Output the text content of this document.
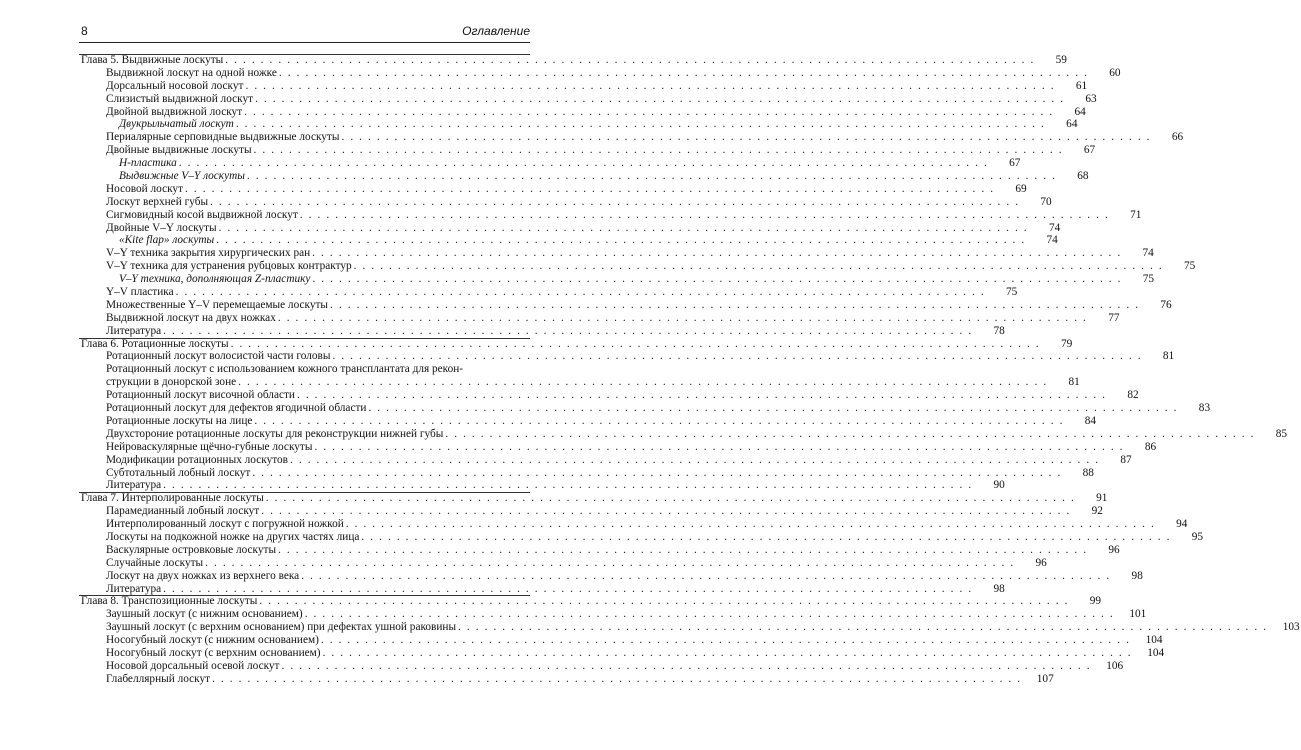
8	Оглавление
Глава 5. Выдвижные лоскуты . . . . . . . . . . . . . . . . . . . . . . . . . . . . . . . . . . . . . . . . . . . . . . . . . . . . . . . . . . . . . . . . . . . . . . . . . . . . . . . . . . . . . . . . . . . .	59
Выдвижной лоскут на одной ножке . . . . . . . . . . . . . . . . . . . . . . . . . . . . . . . . . . . . . . . . . . . . . . . . . . . . . . . . . . . . . . . . . . . . . . . . . . . . . . . . . . . . . . . . . . . .	60
Дорсальный носовой лоскут . . . . . . . . . . . . . . . . . . . . . . . . . . . . . . . . . . . . . . . . . . . . . . . . . . . . . . . . . . . . . . . . . . . . . . . . . . . . . . . . . . . . . . . . . . . .	61
Слизистый выдвижной лоскут . . . . . . . . . . . . . . . . . . . . . . . . . . . . . . . . . . . . . . . . . . . . . . . . . . . . . . . . . . . . . . . . . . . . . . . . . . . . . . . . . . . . . . . . . . . .	63
Двойной выдвижной лоскут . . . . . . . . . . . . . . . . . . . . . . . . . . . . . . . . . . . . . . . . . . . . . . . . . . . . . . . . . . . . . . . . . . . . . . . . . . . . . . . . . . . . . . . . . . . .	64
Двукрыльчатый лоскут . . . . . . . . . . . . . . . . . . . . . . . . . . . . . . . . . . . . . . . . . . . . . . . . . . . . . . . . . . . . . . . . . . . . . . . . . . . . . . . . . . . . . . . . . . . .	64
Периалярные серповидные выдвижные лоскуты . . . . . . . . . . . . . . . . . . . . . . . . . . . . . . . . . . . . . . . . . . . . . . . . . . . . . . . . . . . . . . . . . . . . . . . . . . . . . . . . . . . . . . . . . . . .	66
Двойные выдвижные лоскуты . . . . . . . . . . . . . . . . . . . . . . . . . . . . . . . . . . . . . . . . . . . . . . . . . . . . . . . . . . . . . . . . . . . . . . . . . . . . . . . . . . . . . . . . . . . .	67
H-пластика . . . . . . . . . . . . . . . . . . . . . . . . . . . . . . . . . . . . . . . . . . . . . . . . . . . . . . . . . . . . . . . . . . . . . . . . . . . . . . . . . . . . . . . . . . . .	67
Выдвижные V–Y лоскуты . . . . . . . . . . . . . . . . . . . . . . . . . . . . . . . . . . . . . . . . . . . . . . . . . . . . . . . . . . . . . . . . . . . . . . . . . . . . . . . . . . . . . . . . . . . .	68
Носовой лоскут . . . . . . . . . . . . . . . . . . . . . . . . . . . . . . . . . . . . . . . . . . . . . . . . . . . . . . . . . . . . . . . . . . . . . . . . . . . . . . . . . . . . . . . . . . . .	69
Лоскут верхней губы . . . . . . . . . . . . . . . . . . . . . . . . . . . . . . . . . . . . . . . . . . . . . . . . . . . . . . . . . . . . . . . . . . . . . . . . . . . . . . . . . . . . . . . . . . . .	70
Сигмовидный косой выдвижной лоскут . . . . . . . . . . . . . . . . . . . . . . . . . . . . . . . . . . . . . . . . . . . . . . . . . . . . . . . . . . . . . . . . . . . . . . . . . . . . . . . . . . . . . . . . . . . .	71
Двойные V–Y лоскуты . . . . . . . . . . . . . . . . . . . . . . . . . . . . . . . . . . . . . . . . . . . . . . . . . . . . . . . . . . . . . . . . . . . . . . . . . . . . . . . . . . . . . . . . . . . .	74
«Kite flap» лоскуты . . . . . . . . . . . . . . . . . . . . . . . . . . . . . . . . . . . . . . . . . . . . . . . . . . . . . . . . . . . . . . . . . . . . . . . . . . . . . . . . . . . . . . . . . . . .	74
V–Y техника закрытия хирургических ран . . . . . . . . . . . . . . . . . . . . . . . . . . . . . . . . . . . . . . . . . . . . . . . . . . . . . . . . . . . . . . . . . . . . . . . . . . . . . . . . . . . . . . . . . . . .	74
V–Y техника для устранения рубцовых контрактур . . . . . . . . . . . . . . . . . . . . . . . . . . . . . . . . . . . . . . . . . . . . . . . . . . . . . . . . . . . . . . . . . . . . . . . . . . . . . . . . . . . . . . . . . . . .	75
V–Y техника, дополняющая Z-пластику . . . . . . . . . . . . . . . . . . . . . . . . . . . . . . . . . . . . . . . . . . . . . . . . . . . . . . . . . . . . . . . . . . . . . . . . . . . . . . . . . . . . . . . . . . . .	75
Y–V пластика . . . . . . . . . . . . . . . . . . . . . . . . . . . . . . . . . . . . . . . . . . . . . . . . . . . . . . . . . . . . . . . . . . . . . . . . . . . . . . . . . . . . . . . . . . . .	75
Множественные Y–V перемещаемые лоскуты . . . . . . . . . . . . . . . . . . . . . . . . . . . . . . . . . . . . . . . . . . . . . . . . . . . . . . . . . . . . . . . . . . . . . . . . . . . . . . . . . . . . . . . . . . . .	76
Выдвижной лоскут на двух ножках . . . . . . . . . . . . . . . . . . . . . . . . . . . . . . . . . . . . . . . . . . . . . . . . . . . . . . . . . . . . . . . . . . . . . . . . . . . . . . . . . . . . . . . . . . . .	77
Литература . . . . . . . . . . . . . . . . . . . . . . . . . . . . . . . . . . . . . . . . . . . . . . . . . . . . . . . . . . . . . . . . . . . . . . . . . . . . . . . . . . . . . . . . . . . .	78
Глава 6. Ротационные лоскуты . . . . . . . . . . . . . . . . . . . . . . . . . . . . . . . . . . . . . . . . . . . . . . . . . . . . . . . . . . . . . . . . . . . . . . . . . . . . . . . . . . . . . . . . . . . .	79
Ротационный лоскут волосистой части головы . . . . . . . . . . . . . . . . . . . . . . . . . . . . . . . . . . . . . . . . . . . . . . . . . . . . . . . . . . . . . . . . . . . . . . . . . . . . . . . . . . . . . . . . . . . .	81
Ротационный лоскут с использованием кожного трансплантата для рекон-
струкции в донорской зоне . . . . . . . . . . . . . . . . . . . . . . . . . . . . . . . . . . . . . . . . . . . . . . . . . . . . . . . . . . . . . . . . . . . . . . . . . . . . . . . . . . . . . . . . . . . .	81
Ротационный лоскут височной области . . . . . . . . . . . . . . . . . . . . . . . . . . . . . . . . . . . . . . . . . . . . . . . . . . . . . . . . . . . . . . . . . . . . . . . . . . . . . . . . . . . . . . . . . . . .	82
Ротационный лоскут для дефектов ягодичной области . . . . . . . . . . . . . . . . . . . . . . . . . . . . . . . . . . . . . . . . . . . . . . . . . . . . . . . . . . . . . . . . . . . . . . . . . . . . . . . . . . . . . . . . . . . .	83
Ротационные лоскуты на лице . . . . . . . . . . . . . . . . . . . . . . . . . . . . . . . . . . . . . . . . . . . . . . . . . . . . . . . . . . . . . . . . . . . . . . . . . . . . . . . . . . . . . . . . . . . .	84
Двухстороние ротационные лоскуты для реконструкции нижней губы . . . . . . . . . . . . . . . . . . . . . . . . . . . . . . . . . . . . . . . . . . . . . . . . . . . . . . . . . . . . . . . . . . . . . . . . . . . . . . . . . . . . . . . . . . . .	85
Нейроваскулярные щёчно-губные лоскуты . . . . . . . . . . . . . . . . . . . . . . . . . . . . . . . . . . . . . . . . . . . . . . . . . . . . . . . . . . . . . . . . . . . . . . . . . . . . . . . . . . . . . . . . . . . .	86
Модификации ротационных лоскутов . . . . . . . . . . . . . . . . . . . . . . . . . . . . . . . . . . . . . . . . . . . . . . . . . . . . . . . . . . . . . . . . . . . . . . . . . . . . . . . . . . . . . . . . . . . .	87
Субтотальный лобный лоскут . . . . . . . . . . . . . . . . . . . . . . . . . . . . . . . . . . . . . . . . . . . . . . . . . . . . . . . . . . . . . . . . . . . . . . . . . . . . . . . . . . . . . . . . . . . .	88
Литература . . . . . . . . . . . . . . . . . . . . . . . . . . . . . . . . . . . . . . . . . . . . . . . . . . . . . . . . . . . . . . . . . . . . . . . . . . . . . . . . . . . . . . . . . . . .	90
Глава 7. Интерполированные лоскуты . . . . . . . . . . . . . . . . . . . . . . . . . . . . . . . . . . . . . . . . . . . . . . . . . . . . . . . . . . . . . . . . . . . . . . . . . . . . . . . . . . . . . . . . . . . .	91
Парамедианный лобный лоскут . . . . . . . . . . . . . . . . . . . . . . . . . . . . . . . . . . . . . . . . . . . . . . . . . . . . . . . . . . . . . . . . . . . . . . . . . . . . . . . . . . . . . . . . . . . .	92
Интерполированный лоскут с погружной ножкой . . . . . . . . . . . . . . . . . . . . . . . . . . . . . . . . . . . . . . . . . . . . . . . . . . . . . . . . . . . . . . . . . . . . . . . . . . . . . . . . . . . . . . . . . . . .	94
Лоскуты на подкожной ножке на других частях лица . . . . . . . . . . . . . . . . . . . . . . . . . . . . . . . . . . . . . . . . . . . . . . . . . . . . . . . . . . . . . . . . . . . . . . . . . . . . . . . . . . . . . . . . . . . .	95
Васкулярные островковые лоскуты . . . . . . . . . . . . . . . . . . . . . . . . . . . . . . . . . . . . . . . . . . . . . . . . . . . . . . . . . . . . . . . . . . . . . . . . . . . . . . . . . . . . . . . . . . . .	96
Случайные лоскуты . . . . . . . . . . . . . . . . . . . . . . . . . . . . . . . . . . . . . . . . . . . . . . . . . . . . . . . . . . . . . . . . . . . . . . . . . . . . . . . . . . . . . . . . . . . .	96
Лоскут на двух ножках из верхнего века . . . . . . . . . . . . . . . . . . . . . . . . . . . . . . . . . . . . . . . . . . . . . . . . . . . . . . . . . . . . . . . . . . . . . . . . . . . . . . . . . . . . . . . . . . . .	98
Литература . . . . . . . . . . . . . . . . . . . . . . . . . . . . . . . . . . . . . . . . . . . . . . . . . . . . . . . . . . . . . . . . . . . . . . . . . . . . . . . . . . . . . . . . . . . .	98
Глава 8. Транспозиционные лоскуты . . . . . . . . . . . . . . . . . . . . . . . . . . . . . . . . . . . . . . . . . . . . . . . . . . . . . . . . . . . . . . . . . . . . . . . . . . . . . . . . . . . . . . . . . . . .	99
Заушный лоскут (с нижним основанием) . . . . . . . . . . . . . . . . . . . . . . . . . . . . . . . . . . . . . . . . . . . . . . . . . . . . . . . . . . . . . . . . . . . . . . . . . . . . . . . . . . . . . . . . . . . .	101
Заушный лоскут (с верхним основанием) при дефектах ушной раковины . . . . . . . . . . . . . . . . . . . . . . . . . . . . . . . . . . . . . . . . . . . . . . . . . . . . . . . . . . . . . . . . . . . . . . . . . . . . . . . . . . . . . . . . . . . .	103
Носогубный лоскут (с нижним основанием) . . . . . . . . . . . . . . . . . . . . . . . . . . . . . . . . . . . . . . . . . . . . . . . . . . . . . . . . . . . . . . . . . . . . . . . . . . . . . . . . . . . . . . . . . . . .	104
Носогубный лоскут (с верхним основанием) . . . . . . . . . . . . . . . . . . . . . . . . . . . . . . . . . . . . . . . . . . . . . . . . . . . . . . . . . . . . . . . . . . . . . . . . . . . . . . . . . . . . . . . . . . . .	104
Носовой дорсальный осевой лоскут . . . . . . . . . . . . . . . . . . . . . . . . . . . . . . . . . . . . . . . . . . . . . . . . . . . . . . . . . . . . . . . . . . . . . . . . . . . . . . . . . . . . . . . . . . . .	106
Глабеллярный лоскут . . . . . . . . . . . . . . . . . . . . . . . . . . . . . . . . . . . . . . . . . . . . . . . . . . . . . . . . . . . . . . . . . . . . . . . . . . . . . . . . . . . . . . . . . . . .	107
